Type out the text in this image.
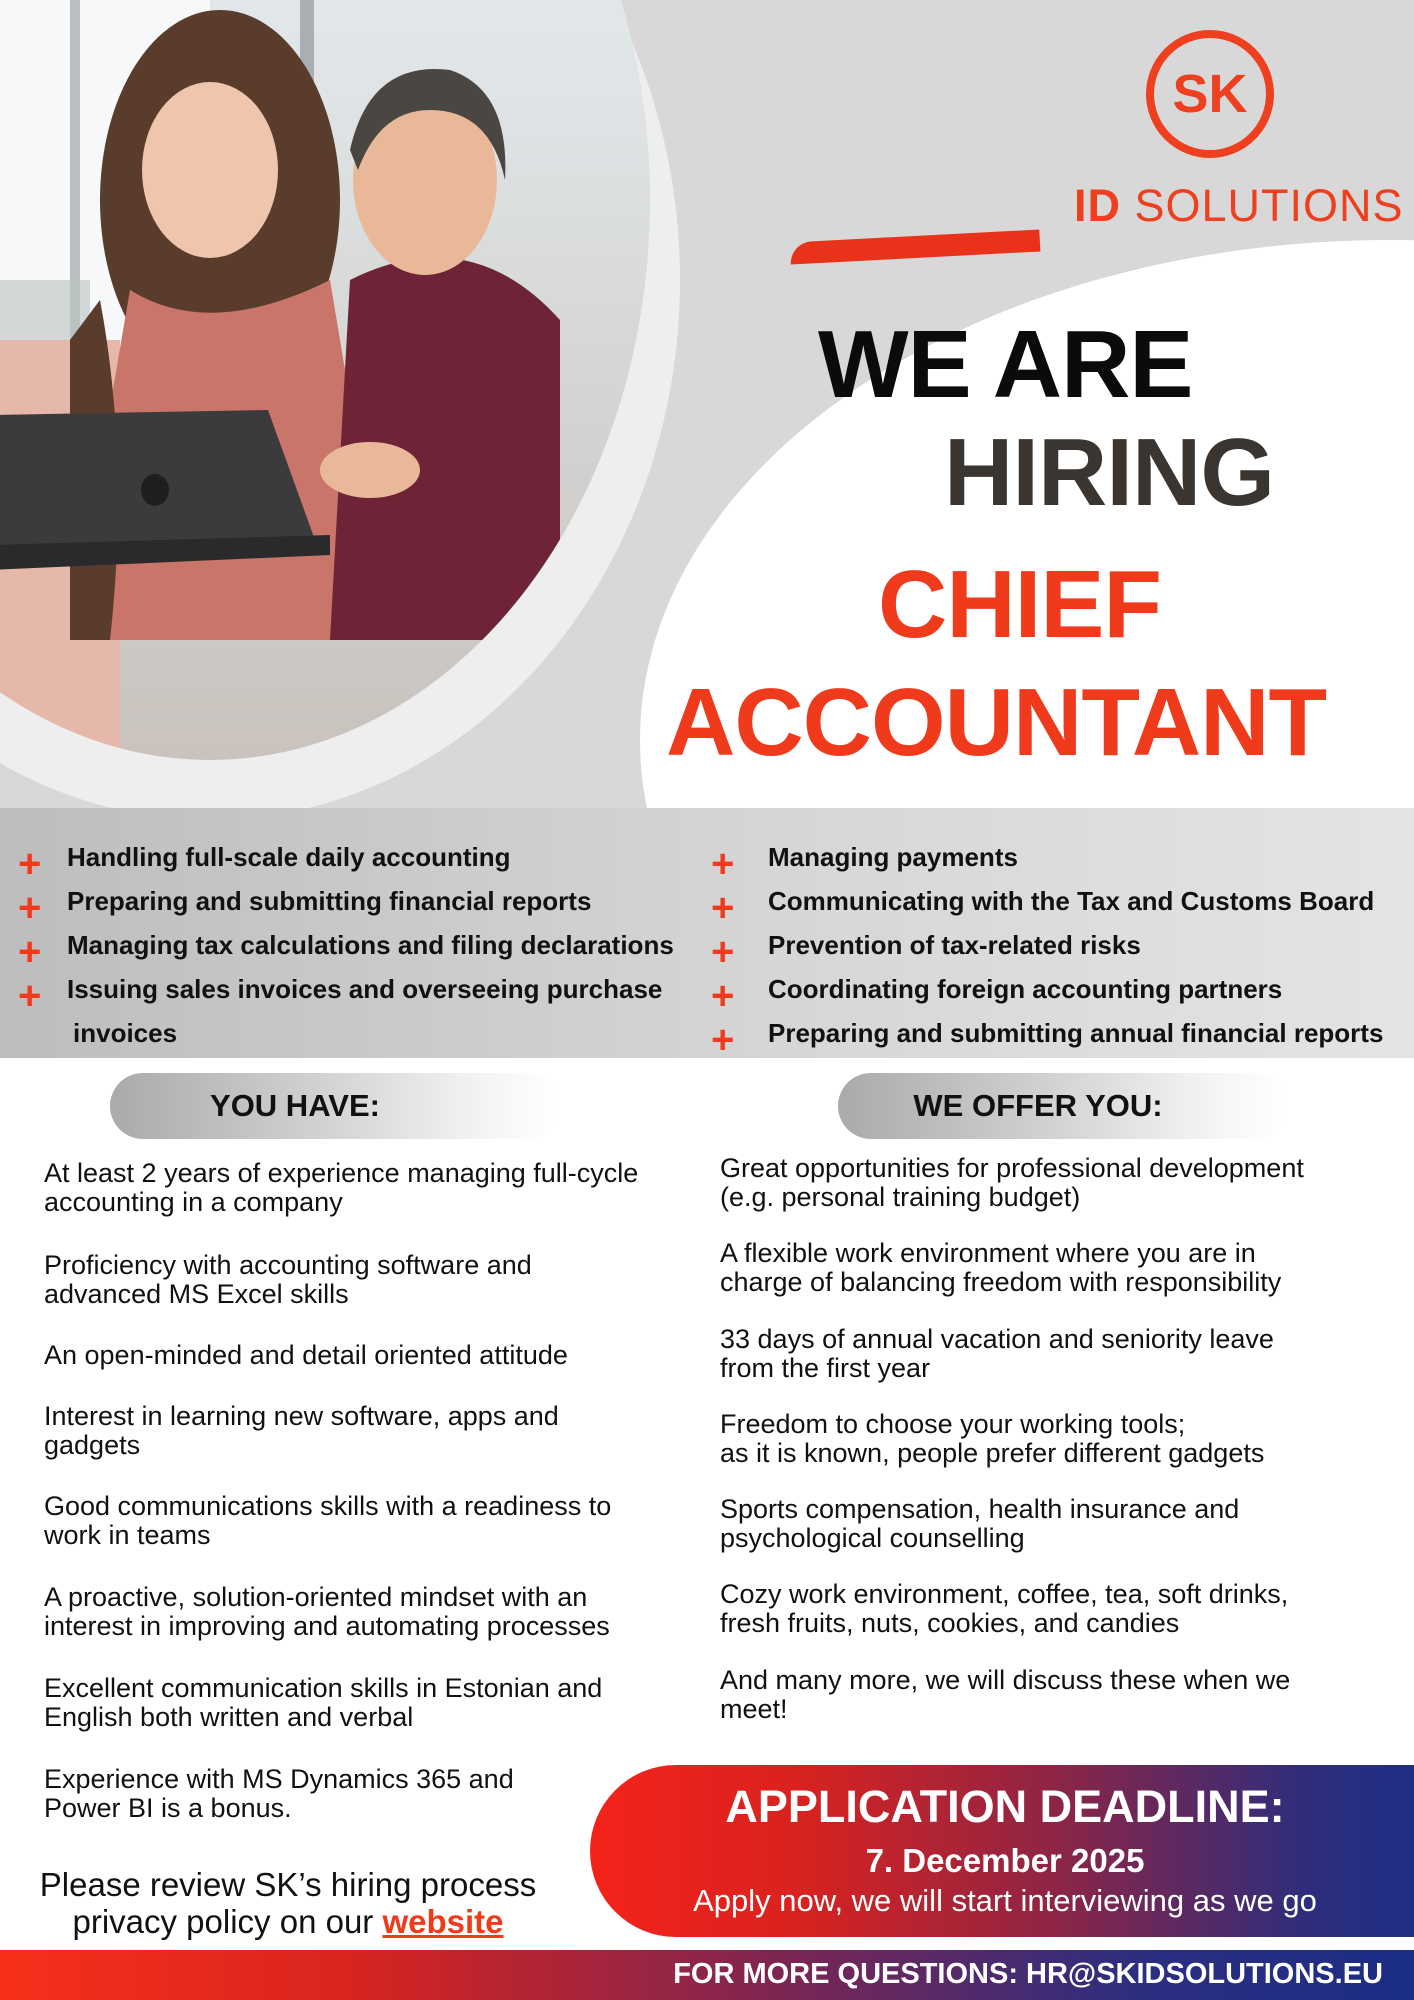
SK
ID SOLUTIONS
WE ARE
HIRING
CHIEF
ACCOUNTANT
+ Handling full-scale daily accounting
+ Preparing and submitting financial reports
+ Managing tax calculations and filing declarations
+ Issuing sales invoices and overseeing purchase
invoices
+ Managing payments
+ Communicating with the Tax and Customs Board
+ Prevention of tax-related risks
+ Coordinating foreign accounting partners
+ Preparing and submitting annual financial reports
YOU HAVE:
At least 2 years of experience managing full-cycle
accounting in a company
Proficiency with accounting software and
advanced MS Excel skills
An open-minded and detail oriented attitude
Interest in learning new software, apps and
gadgets
Good communications skills with a readiness to
work in teams
A proactive, solution-oriented mindset with an
interest in improving and automating processes
Excellent communication skills in Estonian and
English both written and verbal
Experience with MS Dynamics 365 and
Power BI is a bonus.
WE OFFER YOU:
Great opportunities for professional development
(e.g. personal training budget)
A flexible work environment where you are in
charge of balancing freedom with responsibility
33 days of annual vacation and seniority leave
from the first year
Freedom to choose your working tools;
as it is known, people prefer different gadgets
Sports compensation, health insurance and
psychological counselling
Cozy work environment, coffee, tea, soft drinks,
fresh fruits, nuts, cookies, and candies
And many more, we will discuss these when we
meet!
APPLICATION DEADLINE:
7. December 2025
Apply now, we will start interviewing as we go
Please review SK’s hiring process
privacy policy on our website
FOR MORE QUESTIONS: HR@SKIDSOLUTIONS.EU
